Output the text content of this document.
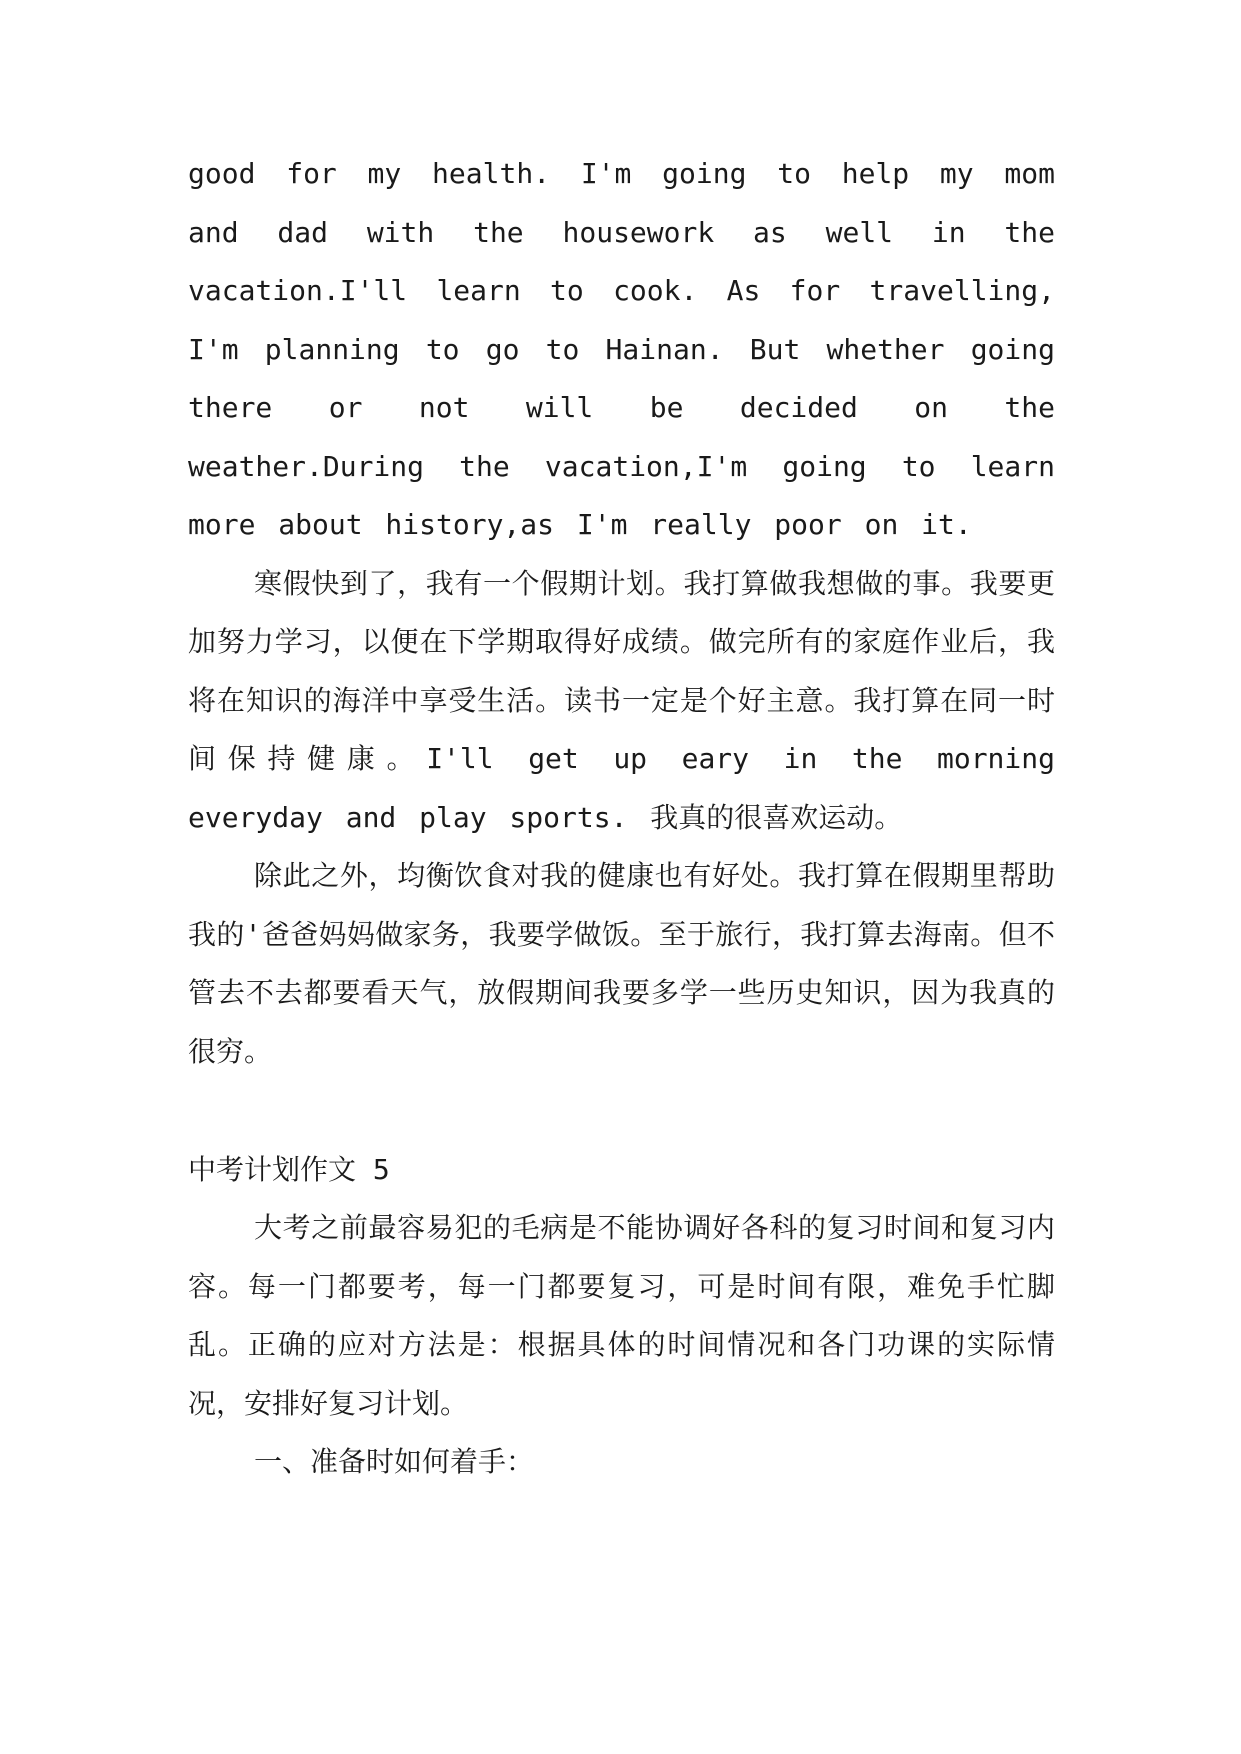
good for my health. I'm going to help my mom and dad with the housework as well in the vacation.I'll learn to cook. As for travelling, I'm planning to go to Hainan. But whether going there or not will be decided on the weather.During the vacation,I'm going to learn more about history,as I'm really poor on it.

寒假快到了，我有一个假期计划。我打算做我想做的事。我要更加努力学习，以便在下学期取得好成绩。做完所有的家庭作业后，我将在知识的海洋中享受生活。读书一定是个好主意。我打算在同一时间保持健康。I'll get up eary in the morning everyday and play sports. 我真的很喜欢运动。

除此之外，均衡饮食对我的健康也有好处。我打算在假期里帮助我的'爸爸妈妈做家务，我要学做饭。至于旅行，我打算去海南。但不管去不去都要看天气，放假期间我要多学一些历史知识，因为我真的很穷。

中考计划作文 5

大考之前最容易犯的毛病是不能协调好各科的复习时间和复习内容。每一门都要考，每一门都要复习，可是时间有限，难免手忙脚乱。正确的应对方法是：根据具体的时间情况和各门功课的实际情况，安排好复习计划。

一、准备时如何着手：
